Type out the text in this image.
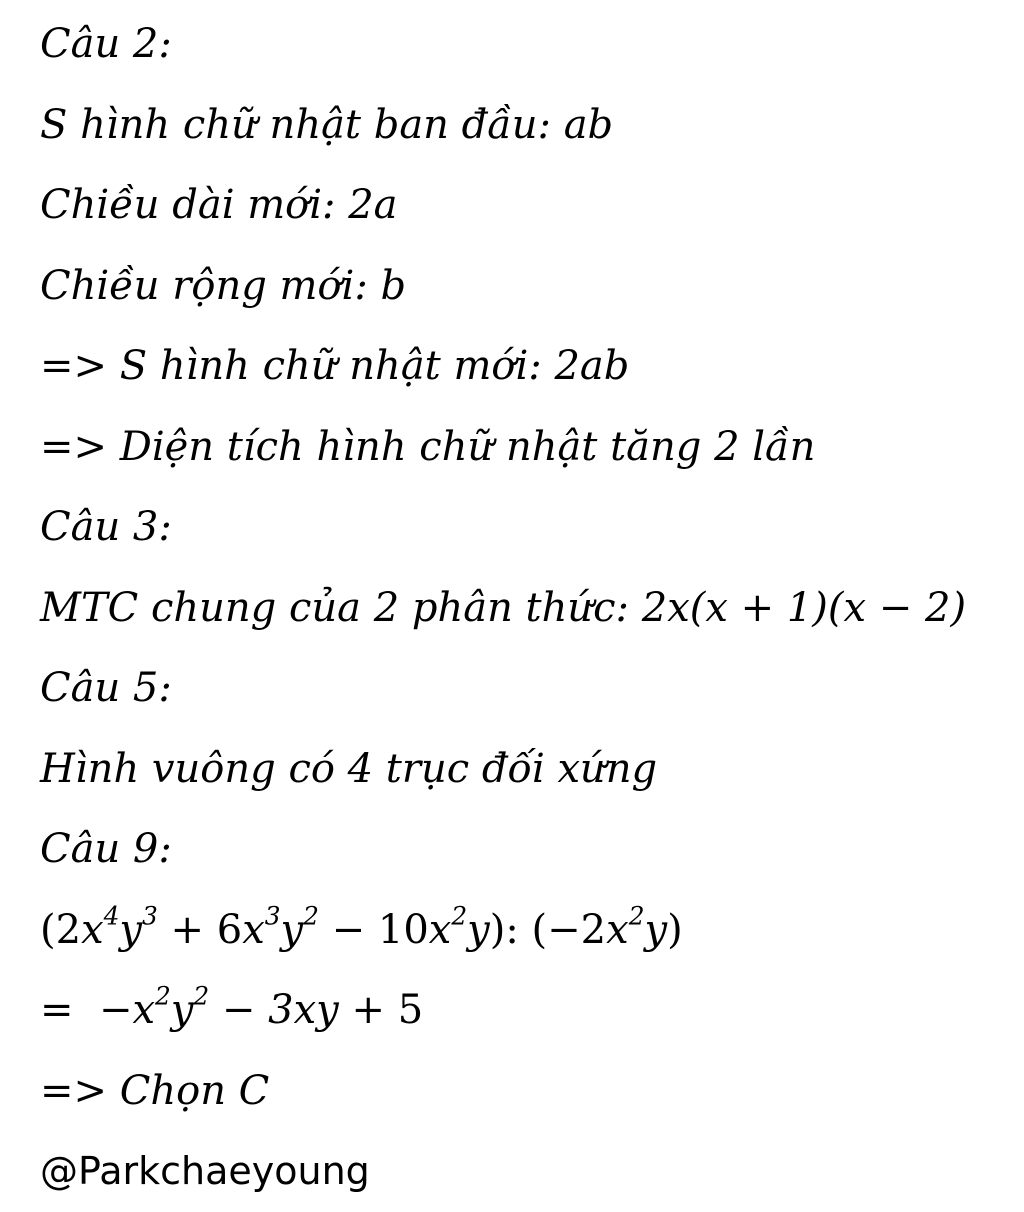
Câu 2:
S hình chữ nhật ban đầu: ab
Chiều dài mới: 2a
Chiều rộng mới: b
=> S hình chữ nhật mới: 2ab
=> Diện tích hình chữ nhật tăng 2 lần
Câu 3:
MTC chung của 2 phân thức: 2x(x + 1)(x − 2)
Câu 5:
Hình vuông có 4 trục đối xứng
Câu 9:
$(2x^4y^3 + 6x^3y^2 - 10x^2y)$: $(-2x^2y)$
=  $-x^2y^2 - 3xy + 5$
=> Chọn C
@Parkchaeyoung
